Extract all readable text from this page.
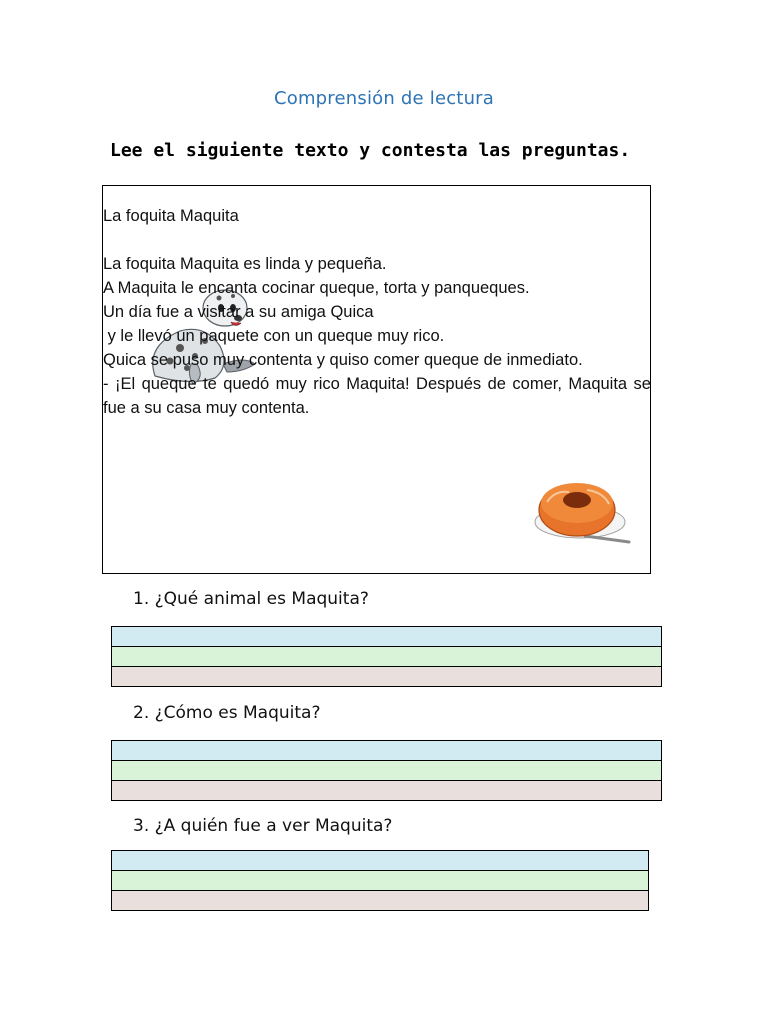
Comprensión de lectura
Lee el siguiente texto y contesta las preguntas.

La foquita Maquita

La foquita Maquita es linda y pequeña.

A Maquita le encanta cocinar queque, torta y panqueques.

Un día fue a visitar a su amiga Quica

y le llevó un paquete con un queque muy rico.

Quica se puso muy contenta y quiso comer queque de inmediato.

- ¡El queque te quedó muy rico Maquita! Después de comer, Maquita se fue a su casa muy contenta.

1. ¿Qué animal es Maquita?
2. ¿Cómo es Maquita?
3. ¿A quién fue a ver Maquita?
